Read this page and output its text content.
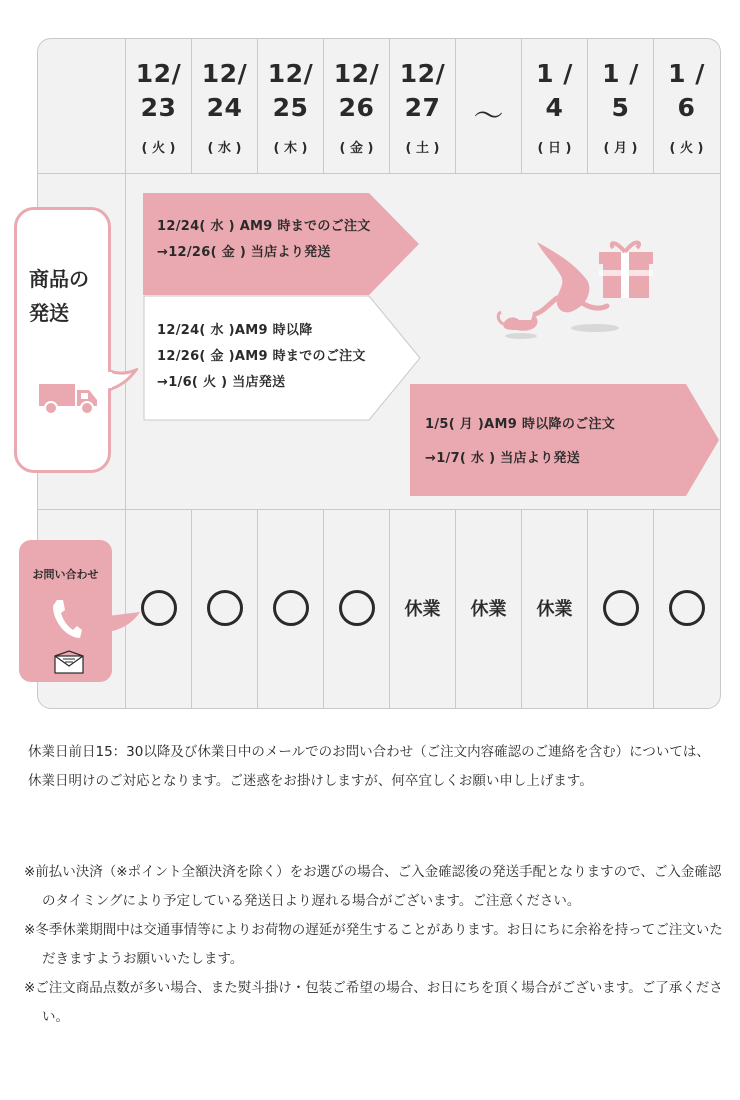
12/
23
( 火 )
12/
24
( 水 )
12/
25
( 木 )
12/
26
( 金 )
12/
27
( 土 )
〜
1 /
4
( 日 )
1 /
5
( 月 )
1 /
6
( 火 )
休業 休業 休業
12/24( 水 ) AM9 時までのご注文
→12/26( 金 ) 当店より発送
12/24( 水 )AM9 時以降
12/26( 金 )AM9 時までのご注文
→1/6( 火 ) 当店発送
1/5( 月 )AM9 時以降のご注文
→1/7( 水 ) 当店より発送
商品の
発送
お問い合わせ
休業日前日15：30以降及び休業日中のメールでのお問い合わせ（ご注文内容確認のご連絡を含む）については、休業日明けのご対応となります。ご迷惑をお掛けしますが、何卒宜しくお願い申し上げます。
※前払い決済（※ポイント全額決済を除く）をお選びの場合、ご入金確認後の発送手配となりますので、ご入金確認のタイミングにより予定している発送日より遅れる場合がございます。ご注意ください。
※冬季休業期間中は交通事情等によりお荷物の遅延が発生することがあります。お日にちに余裕を持ってご注文いただきますようお願いいたします。
※ご注文商品点数が多い場合、また熨斗掛け・包装ご希望の場合、お日にちを頂く場合がございます。ご了承ください。
